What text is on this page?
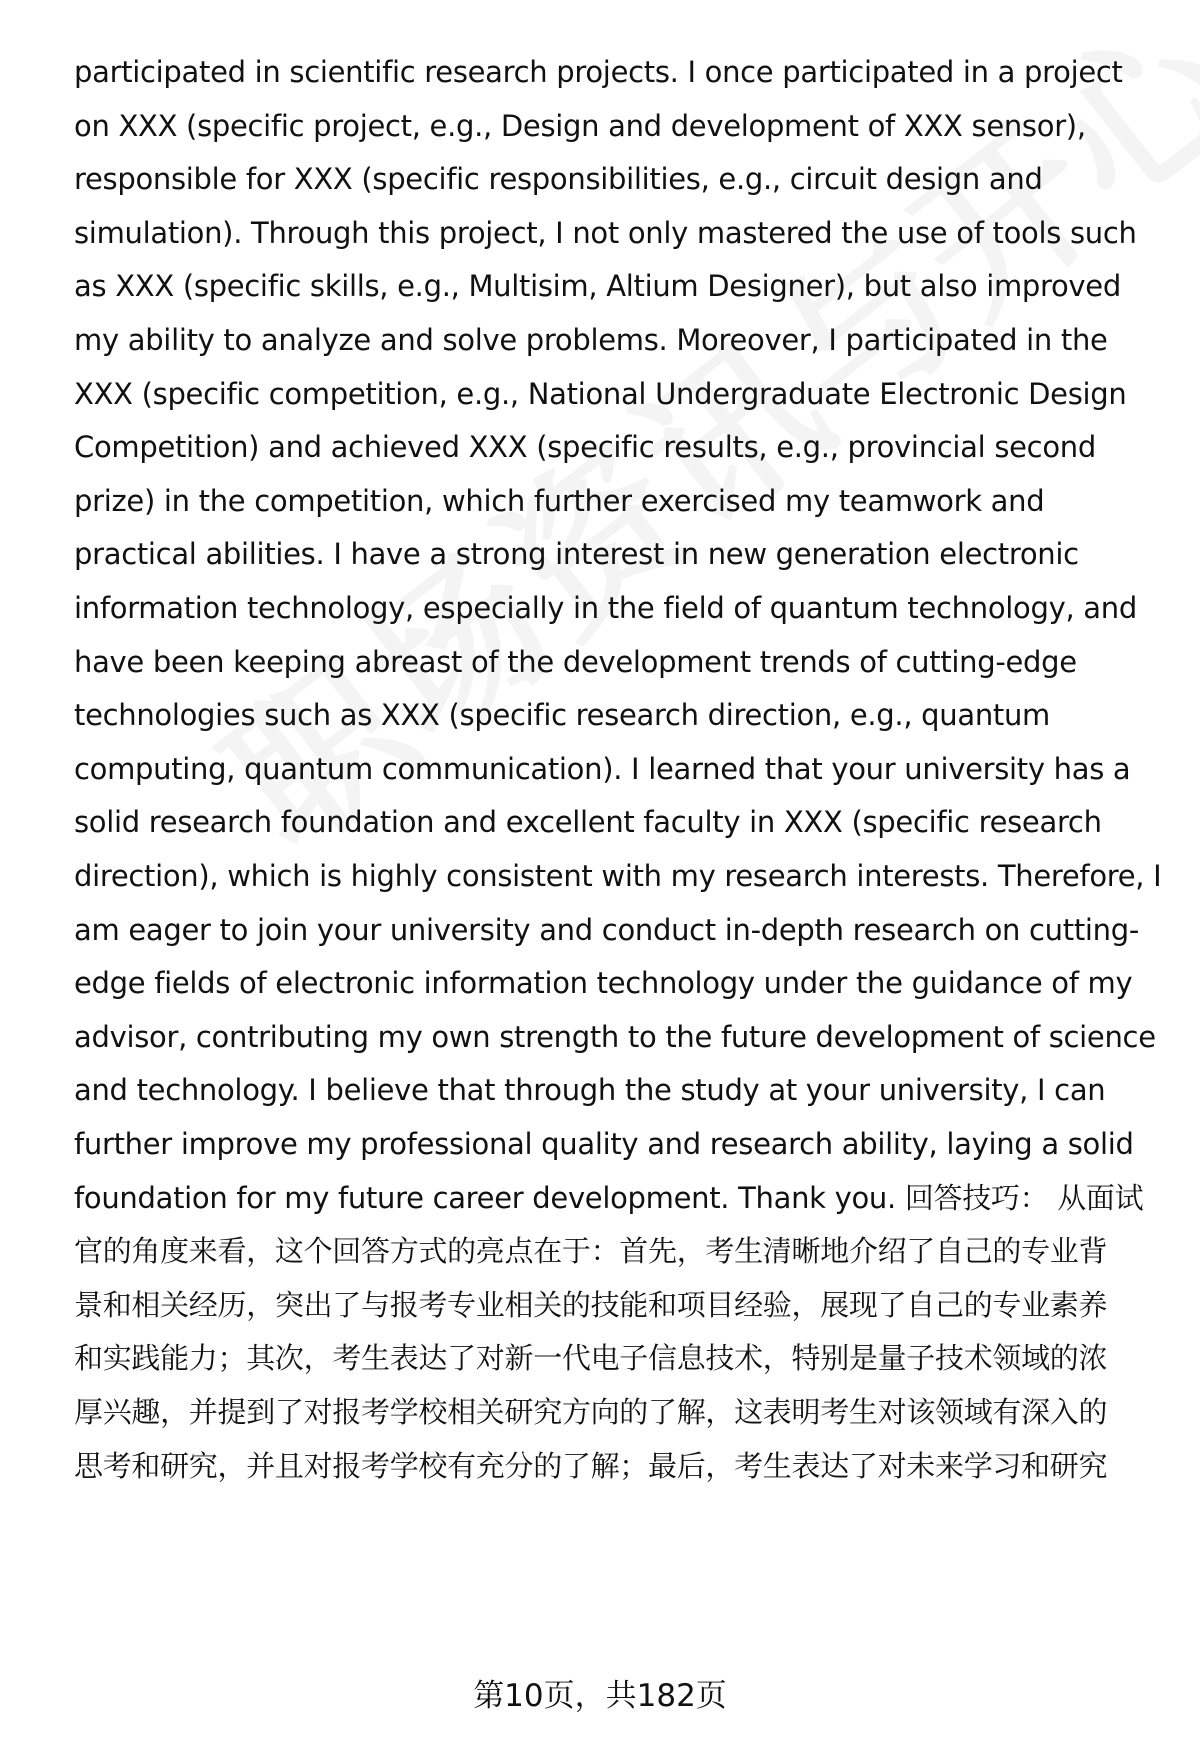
participated in scientific research projects. I once participated in a project
on XXX (specific project, e.g., Design and development of XXX sensor),
responsible for XXX (specific responsibilities, e.g., circuit design and
simulation). Through this project, I not only mastered the use of tools such
as XXX (specific skills, e.g., Multisim, Altium Designer), but also improved
my ability to analyze and solve problems. Moreover, I participated in the
XXX (specific competition, e.g., National Undergraduate Electronic Design
Competition) and achieved XXX (specific results, e.g., provincial second
prize) in the competition, which further exercised my teamwork and
practical abilities. I have a strong interest in new generation electronic
information technology, especially in the field of quantum technology, and
have been keeping abreast of the development trends of cutting-edge
technologies such as XXX (specific research direction, e.g., quantum
computing, quantum communication). I learned that your university has a
solid research foundation and excellent faculty in XXX (specific research
direction), which is highly consistent with my research interests. Therefore, I
am eager to join your university and conduct in-depth research on cutting-
edge fields of electronic information technology under the guidance of my
advisor, contributing my own strength to the future development of science
and technology. I believe that through the study at your university, I can
further improve my professional quality and research ability, laying a solid
foundation for my future career development. Thank you. 回答技巧： 从面试
官的角度来看，这个回答方式的亮点在于：首先，考生清晰地介绍了自己的专业背
景和相关经历，突出了与报考专业相关的技能和项目经验，展现了自己的专业素养
和实践能力；其次，考生表达了对新一代电子信息技术，特别是量子技术领域的浓
厚兴趣，并提到了对报考学校相关研究方向的了解，这表明考生对该领域有深入的
思考和研究，并且对报考学校有充分的了解；最后，考生表达了对未来学习和研究
第10页，共182页
